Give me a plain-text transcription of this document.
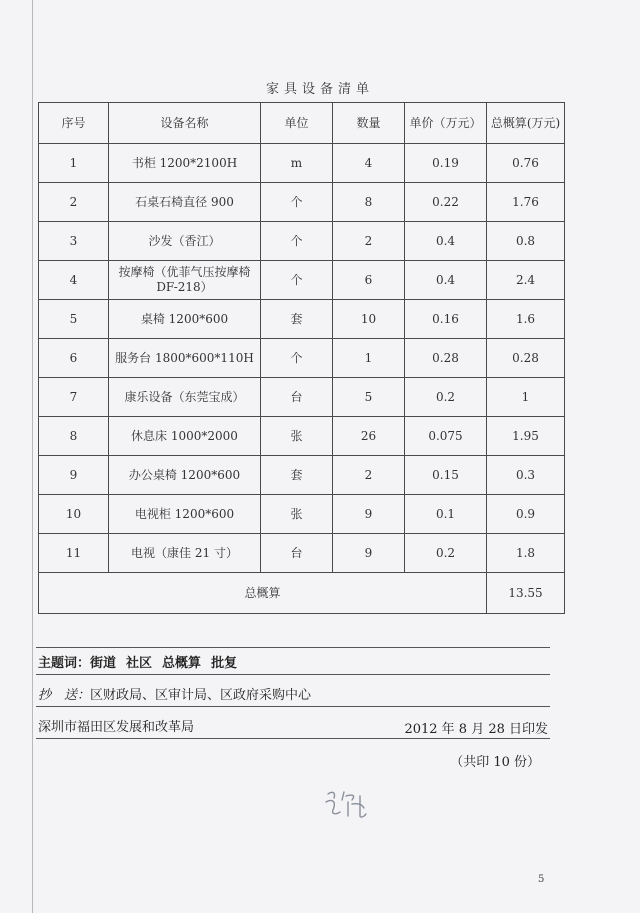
家具设备清单
序号	设备名称	单位	数量	单价（万元）	总概算(万元)
1	书柜 1200*2100H	m	4	0.19	0.76
2	石桌石椅直径 900	个	8	0.22	1.76
3	沙发（香江）	个	2	0.4	0.8
4	按摩椅（优菲气压按摩椅 DF-218）	个	6	0.4	2.4
5	桌椅 1200*600	套	10	0.16	1.6
6	服务台 1800*600*110H	个	1	0.28	0.28
7	康乐设备（东莞宝成）	台	5	0.2	1
8	休息床 1000*2000	张	26	0.075	1.95
9	办公桌椅 1200*600	套	2	0.15	0.3
10	电视柜 1200*600	张	9	0.1	0.9
11	电视（康佳 21 寸）	台	9	0.2	1.8
总概算					13.55
主题词：街道 社区 总概算 批复
抄　送：区财政局、区审计局、区政府采购中心
深圳市福田区发展和改革局	2012 年 8 月 28 日印发
（共印 10 份）
5
